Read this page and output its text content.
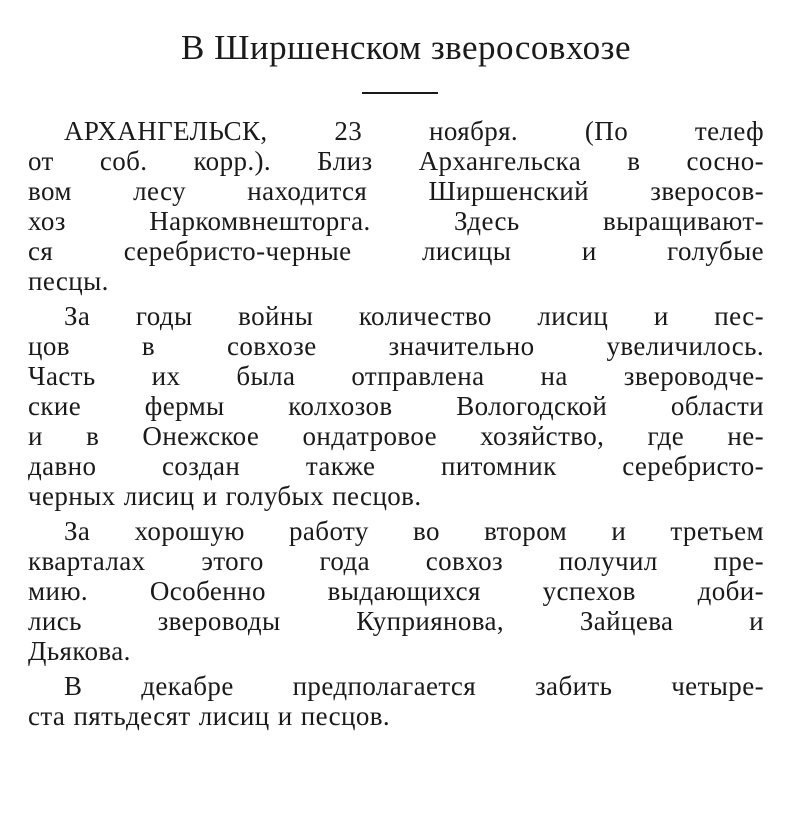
В Ширшенском зверосовхозе

АРХАНГЕЛЬСК, 23 ноября. (По телеф
от соб. корр.). Близ Архангельска в сосно-
вом лесу находится Ширшенский зверосов-
хоз Наркомвнешторга. Здесь выращивают-
ся серебристо-черные лисицы и голубые
песцы.

За годы войны количество лисиц и пес-
цов в совхозе значительно увеличилось.
Часть их была отправлена на звероводче-
ские фермы колхозов Вологодской области
и в Онежское ондатровое хозяйство, где не-
давно создан также питомник серебристо-
черных лисиц и голубых песцов.

За хорошую работу во втором и третьем
кварталах этого года совхоз получил пре-
мию. Особенно выдающихся успехов доби-
лись звероводы Куприянова, Зайцева и
Дьякова.

В декабре предполагается забить четыре-
ста пятьдесят лисиц и песцов.
